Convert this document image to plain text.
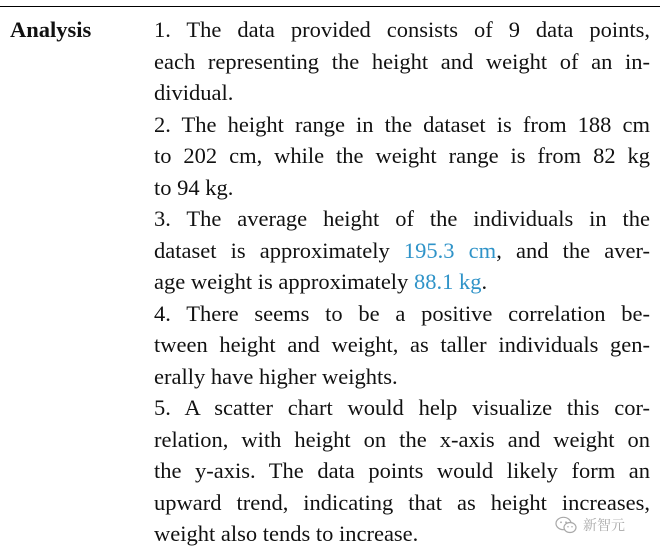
Analysis	1. The data provided consists of 9 data points,
each representing the height and weight of an in-
dividual.
2. The height range in the dataset is from 188 cm
to 202 cm, while the weight range is from 82 kg
to 94 kg.
3. The average height of the individuals in the
dataset is approximately 195.3 cm, and the aver-
age weight is approximately 88.1 kg.
4. There seems to be a positive correlation be-
tween height and weight, as taller individuals gen-
erally have higher weights.
5. A scatter chart would help visualize this cor-
relation, with height on the x-axis and weight on
the y-axis. The data points would likely form an
upward trend, indicating that as height increases,
weight also tends to increase.	新智元
